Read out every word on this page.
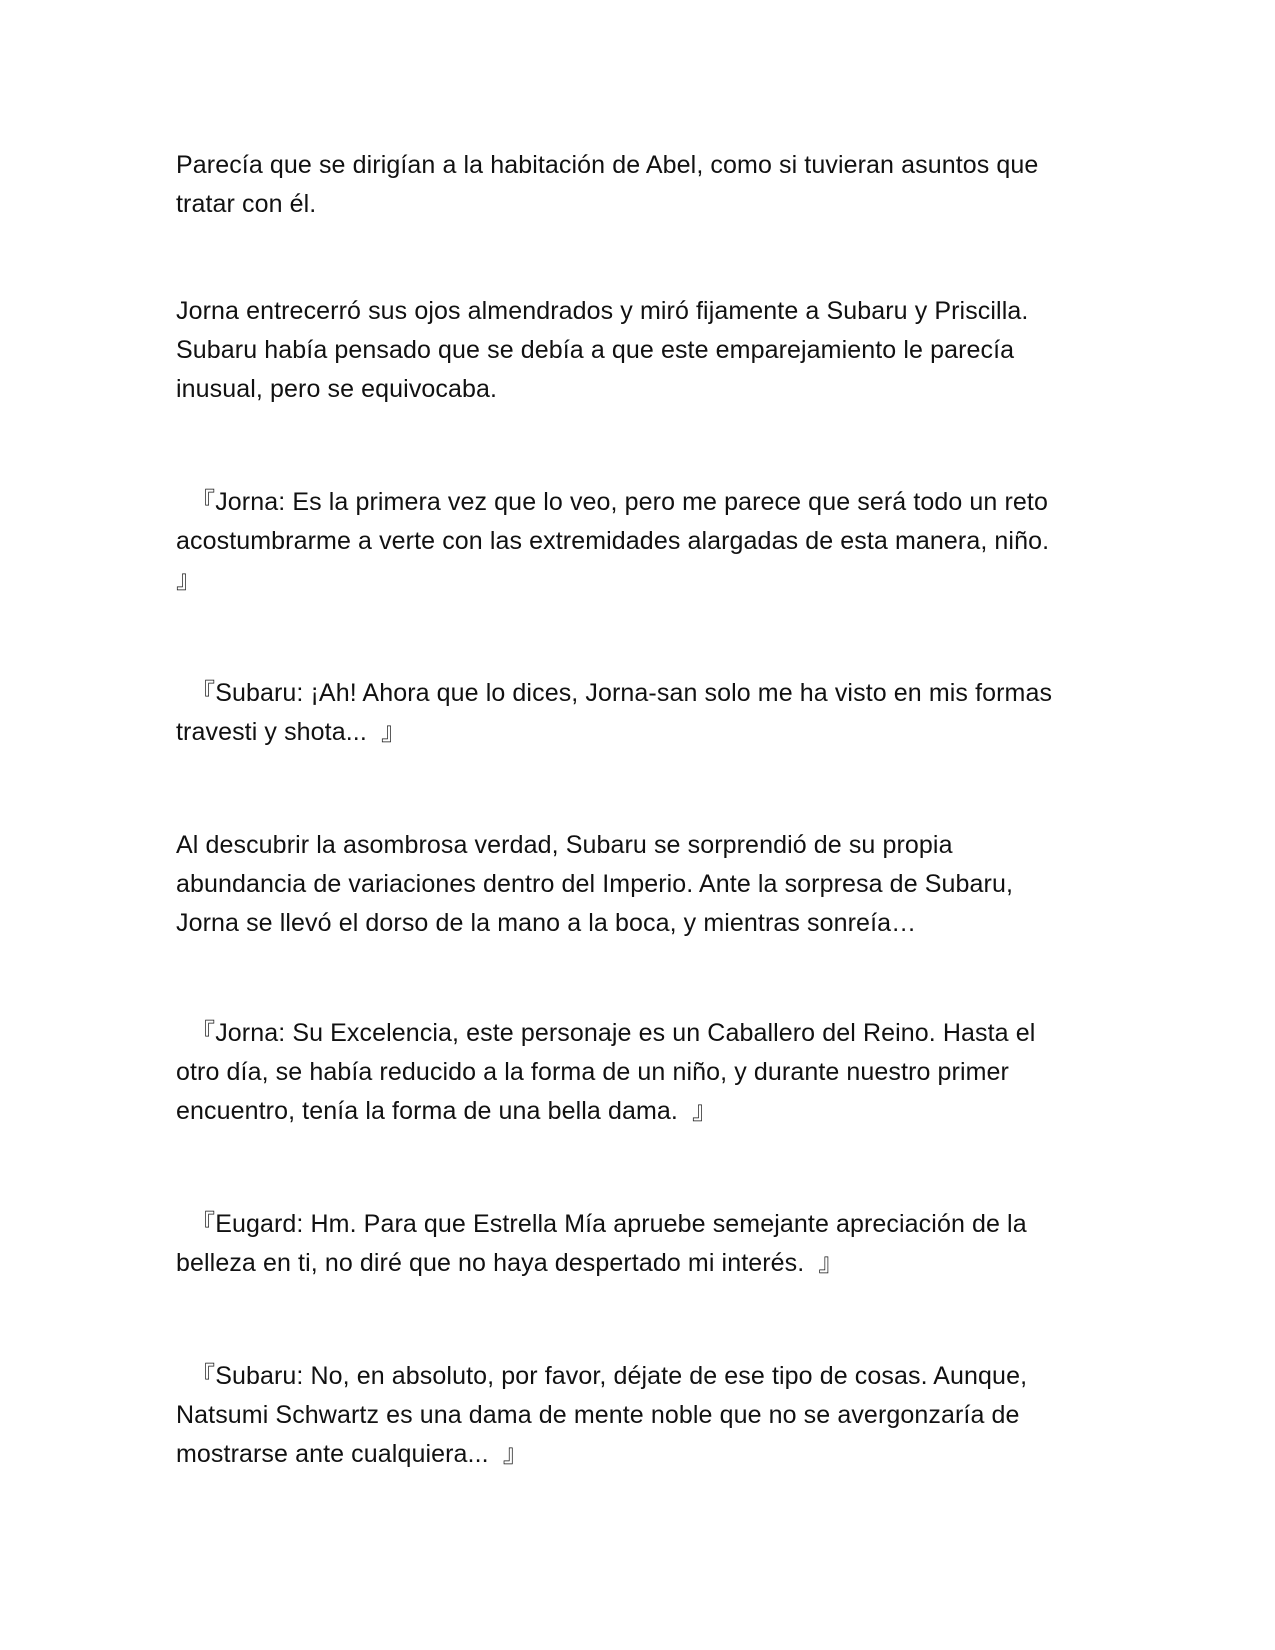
Parecía que se dirigían a la habitación de Abel, como si tuvieran asuntos que
tratar con él.

Jorna entrecerró sus ojos almendrados y miró fijamente a Subaru y Priscilla.
Subaru había pensado que se debía a que este emparejamiento le parecía
inusual, pero se equivocaba.

『Jorna: Es la primera vez que lo veo, pero me parece que será todo un reto
acostumbrarme a verte con las extremidades alargadas de esta manera, niño.
』

『Subaru: ¡Ah! Ahora que lo dices, Jorna-san solo me ha visto en mis formas
travesti y shota...  』

Al descubrir la asombrosa verdad, Subaru se sorprendió de su propia
abundancia de variaciones dentro del Imperio. Ante la sorpresa de Subaru,
Jorna se llevó el dorso de la mano a la boca, y mientras sonreía…

『Jorna: Su Excelencia, este personaje es un Caballero del Reino. Hasta el
otro día, se había reducido a la forma de un niño, y durante nuestro primer
encuentro, tenía la forma de una bella dama.  』

『Eugard: Hm. Para que Estrella Mía apruebe semejante apreciación de la
belleza en ti, no diré que no haya despertado mi interés.  』

『Subaru: No, en absoluto, por favor, déjate de ese tipo de cosas. Aunque,
Natsumi Schwartz es una dama de mente noble que no se avergonzaría de
mostrarse ante cualquiera...  』
